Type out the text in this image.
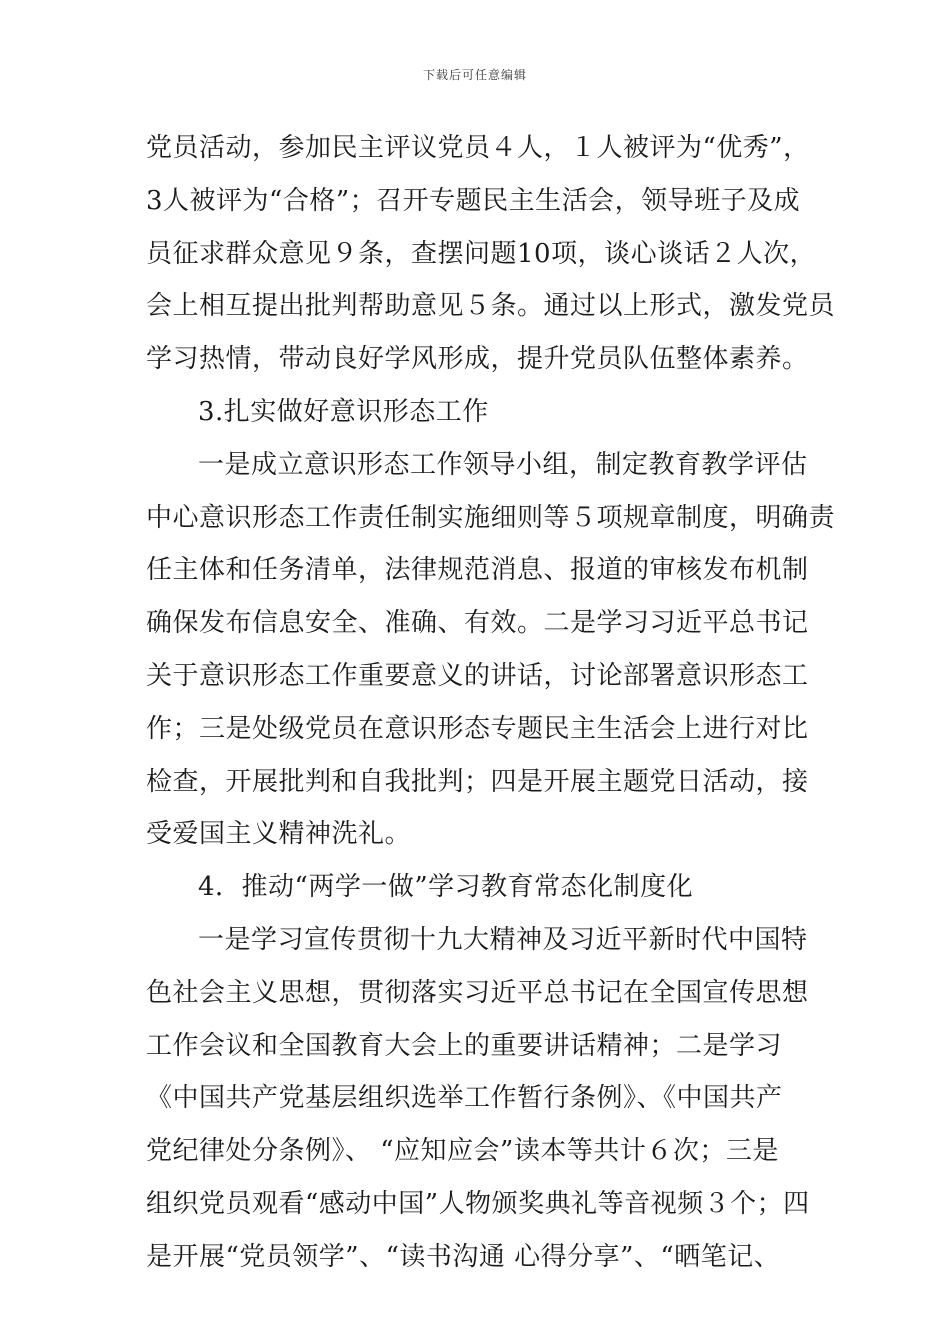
下载后可任意编辑
党员活动，参加民主评议党员４人，１人被评为“优秀”，
3人被评为“合格”；召开专题民主生活会，领导班子及成
员征求群众意见９条，查摆问题10项，谈心谈话２人次，
会上相互提出批判帮助意见５条。通过以上形式，激发党员
学习热情，带动良好学风形成，提升党员队伍整体素养。
3.扎实做好意识形态工作
一是成立意识形态工作领导小组，制定教育教学评估
中心意识形态工作责任制实施细则等５项规章制度，明确责
任主体和任务清单，法律规范消息、报道的审核发布机制
确保发布信息安全、准确、有效。二是学习习近平总书记
关于意识形态工作重要意义的讲话，讨论部署意识形态工
作；三是处级党员在意识形态专题民主生活会上进行对比
检查，开展批判和自我批判；四是开展主题党日活动，接
受爱国主义精神洗礼。
4．推动“两学一做”学习教育常态化制度化
一是学习宣传贯彻十九大精神及习近平新时代中国特
色社会主义思想，贯彻落实习近平总书记在全国宣传思想
工作会议和全国教育大会上的重要讲话精神；二是学习
《中国共产党基层组织选举工作暂行条例》、《中国共产
党纪律处分条例》、 “应知应会”读本等共计６次；三是
组织党员观看“感动中国”人物颁奖典礼等音视频３个；四
是开展“党员领学”、“读书沟通 心得分享”、“晒笔记、
